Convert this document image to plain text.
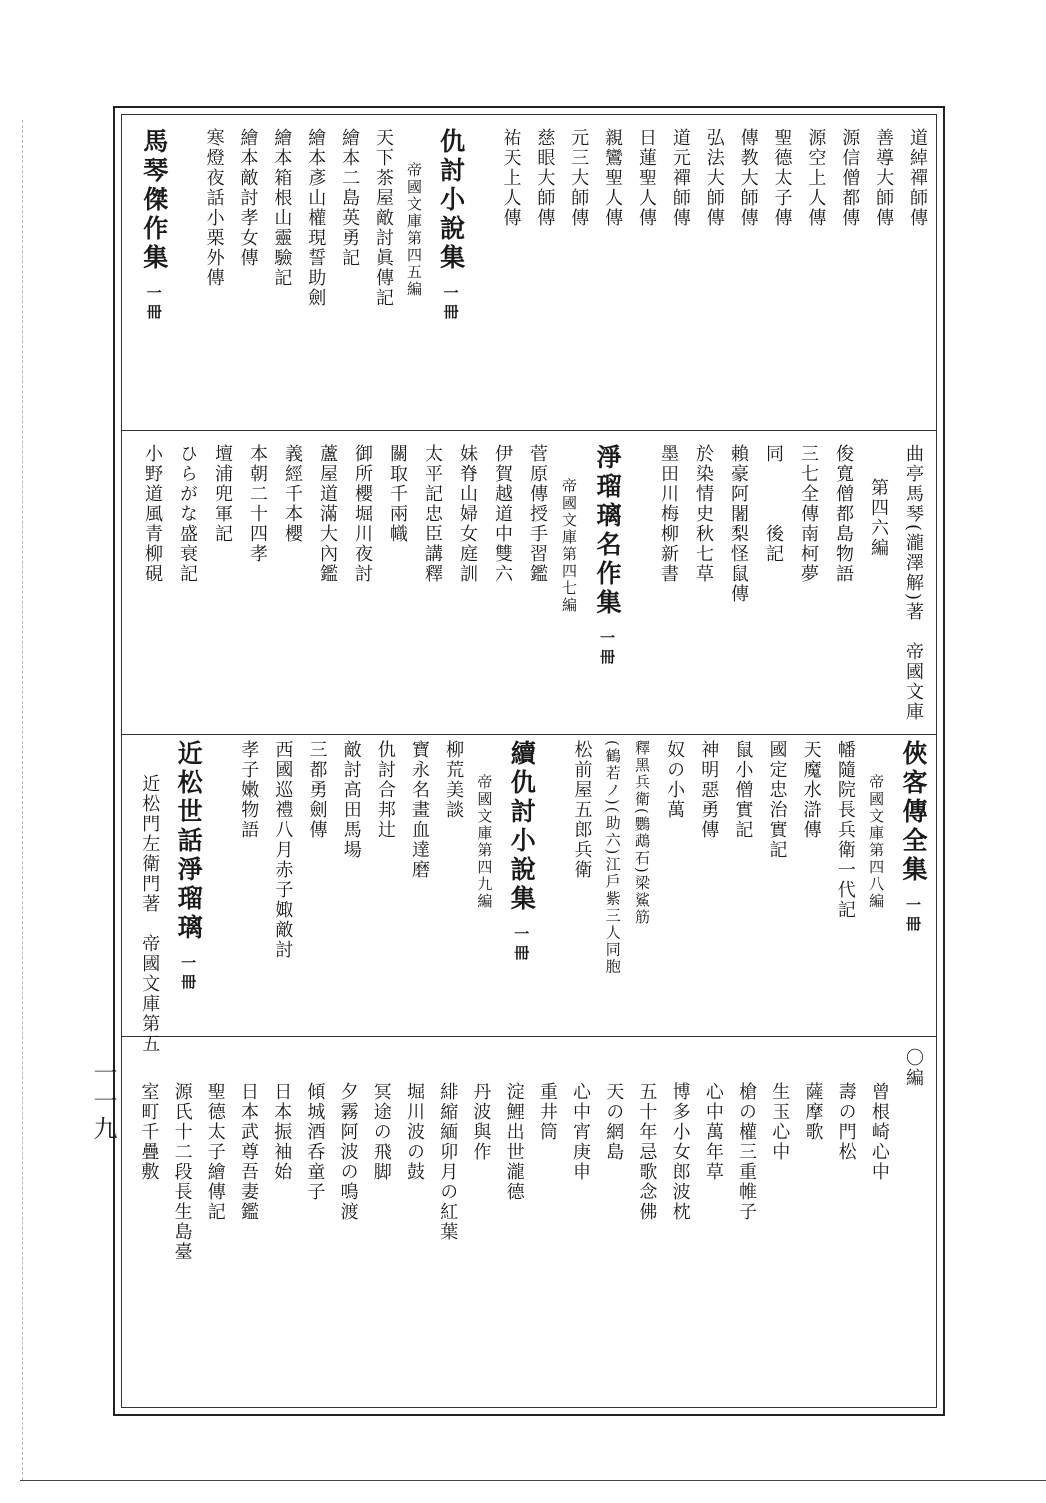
一一九
道綽禪師傳
善導大師傳
源信僧都傳
源空上人傳
聖德太子傳
傳教大師傳
弘法大師傳
道元禪師傳
日蓮聖人傳
親鸞聖人傳
元三大師傳
慈眼大師傳
祐天上人傳
仇討小說集一冊
帝國文庫第四五編
天下茶屋敵討眞傳記
繪本二島英勇記
繪本彥山權現誓助劍
繪本箱根山靈驗記
繪本敵討孝女傳
寒燈夜話小栗外傳
馬琴傑作集一冊
曲亭馬琴(瀧澤解)著　帝國文庫
第四六編
俊寬僧都島物語
三七全傳南柯夢
同　　　後記
賴豪阿闍梨怪鼠傳
於染情史秋七草
墨田川梅柳新書
淨瑠璃名作集一冊
帝國文庫第四七編
菅原傳授手習鑑
伊賀越道中雙六
妹脊山婦女庭訓
太平記忠臣講釋
關取千兩幟
御所櫻堀川夜討
蘆屋道滿大內鑑
義經千本櫻
本朝二十四孝
壇浦兜軍記
ひらがな盛衰記
小野道風青柳硯
俠客傳全集一冊
帝國文庫第四八編
幡隨院長兵衛一代記
天魔水滸傳
國定忠治實記
鼠小僧實記
神明惡勇傳
奴の小萬
釋黑兵衛(鸚鵡石)梁鯊筋
(鶴若ノ)(助六)江戶紫三人同胞
松前屋五郎兵衛
續仇討小說集一冊
帝國文庫第四九編
柳荒美談
寶永名畫血達磨
仇討合邦辻
敵討高田馬場
三都勇劍傳
西國巡禮八月赤子娵敵討
孝子嫩物語
近松世話淨瑠璃一冊
近松門左衛門著　帝國文庫第五
〇編
曾根崎心中
壽の門松
薩摩歌
生玉心中
槍の權三重帷子
心中萬年草
博多小女郎波枕
五十年忌歌念佛
天の網島
心中宵庚申
重井筒
淀鯉出世瀧德
丹波與作
緋縮緬卯月の紅葉
堀川波の鼓
冥途の飛脚
夕霧阿波の鳴渡
傾城酒呑童子
日本振袖始
日本武尊吾妻鑑
聖德太子繪傳記
源氏十二段長生島臺
室町千疊敷
